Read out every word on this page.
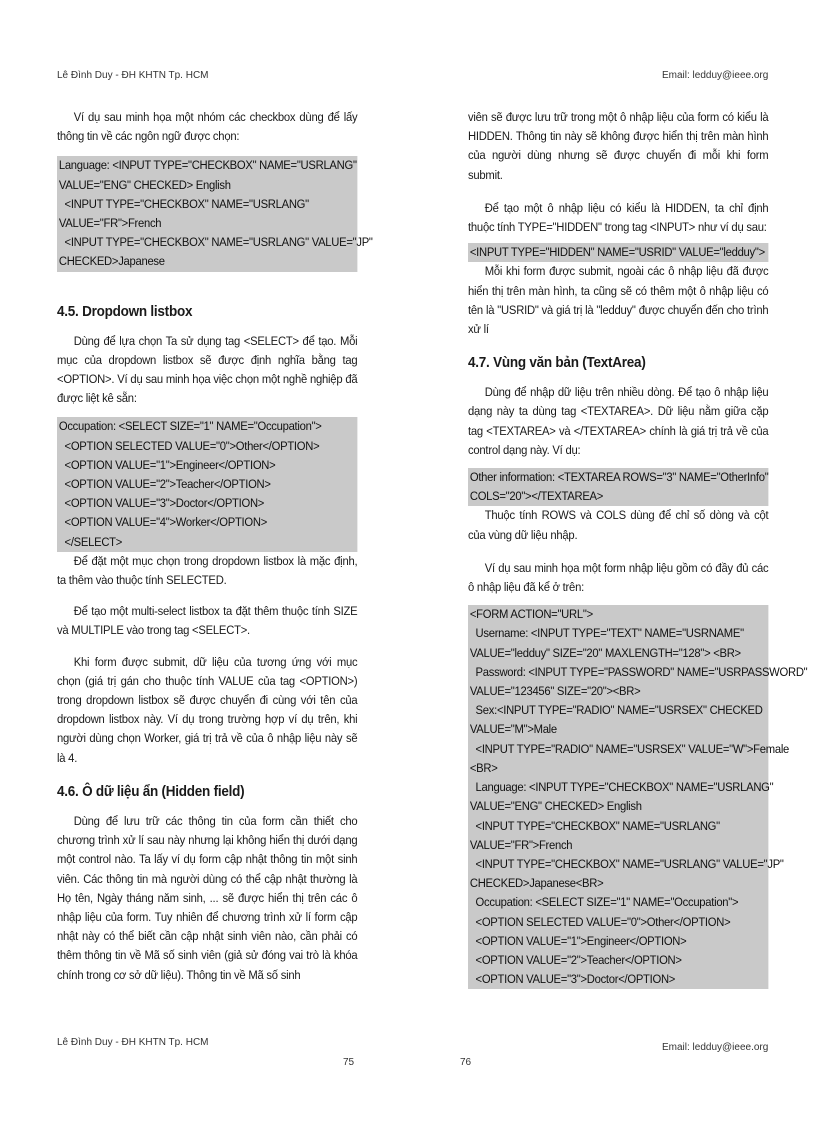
Lê Đình Duy - ĐH KHTN Tp. HCM	Email: ledduy@ieee.org

Ví dụ sau minh họa một nhóm các checkbox dùng để lấy thông tin về các ngôn ngữ được chọn:

Language: <INPUT TYPE="CHECKBOX" NAME="USRLANG"
VALUE="ENG" CHECKED> English
<INPUT TYPE="CHECKBOX" NAME="USRLANG"
VALUE="FR">French
<INPUT TYPE="CHECKBOX" NAME="USRLANG" VALUE="JP"
CHECKED>Japanese
4.5. Dropdown listbox

Dùng để lựa chọn Ta sử dụng tag <SELECT> để tạo. Mỗi mục của dropdown listbox sẽ được định nghĩa bằng tag <OPTION>. Ví dụ sau minh họa việc chọn một nghề nghiệp đã được liệt kê sẵn:

Occupation: <SELECT SIZE="1" NAME="Occupation">
<OPTION SELECTED VALUE="0">Other</OPTION>
<OPTION VALUE="1">Engineer</OPTION>
<OPTION VALUE="2">Teacher</OPTION>
<OPTION VALUE="3">Doctor</OPTION>
<OPTION VALUE="4">Worker</OPTION>
</SELECT>

Để đặt một mục chọn trong dropdown listbox là mặc định, ta thêm vào thuộc tính SELECTED.

Để tạo một multi-select listbox ta đặt thêm thuộc tính SIZE và MULTIPLE vào trong tag <SELECT>.

Khi form được submit, dữ liệu của tương ứng với mục chọn (giá trị gán cho thuộc tính VALUE của tag <OPTION>) trong dropdown listbox sẽ được chuyển đi cùng với tên của dropdown listbox này. Ví dụ trong trường hợp ví dụ trên, khi người dùng chọn Worker, giá trị trả về của ô nhập liệu này sẽ là 4.

4.6. Ô dữ liệu ẩn (Hidden field)

Dùng để lưu trữ các thông tin của form cần thiết cho chương trình xử lí sau này nhưng lại không hiển thị dưới dạng một control nào. Ta lấy ví dụ form cập nhật thông tin một sinh viên. Các thông tin mà người dùng có thể cập nhật thường là Họ tên, Ngày tháng năm sinh, ... sẽ được hiển thị trên các ô nhập liệu của form. Tuy nhiên để chương trình xử lí form cập nhật này có thể biết cần cập nhật sinh viên nào, cần phải có thêm thông tin về Mã số sinh viên (giả sử đóng vai trò là khóa chính trong cơ sở dữ liệu). Thông tin về Mã số sinh

viên sẽ được lưu trữ trong một ô nhập liệu của form có kiểu là HIDDEN. Thông tin này sẽ không được hiển thị trên màn hình của người dùng nhưng sẽ được chuyển đi mỗi khi form submit.

Để tạo một ô nhập liệu có kiểu là HIDDEN, ta chỉ định thuộc tính TYPE="HIDDEN" trong tag <INPUT> như ví dụ sau:

<INPUT TYPE="HIDDEN" NAME="USRID" VALUE="ledduy">

Mỗi khi form được submit, ngoài các ô nhập liệu đã được hiển thị trên màn hình, ta cũng sẽ có thêm một ô nhập liệu có tên là "USRID" và giá trị là "ledduy" được chuyển đến cho trình xử lí

4.7. Vùng văn bản (TextArea)

Dùng để nhập dữ liệu trên nhiều dòng. Để tạo ô nhập liệu dạng này ta dùng tag <TEXTAREA>. Dữ liệu nằm giữa cặp tag <TEXTAREA> và </TEXTAREA> chính là giá trị trả về của control dạng này. Ví dụ:

Other information: <TEXTAREA ROWS="3" NAME="OtherInfo"
COLS="20"></TEXTAREA>

Thuộc tính ROWS và COLS dùng để chỉ số dòng và cột của vùng dữ liệu nhập.

Ví dụ sau minh họa một form nhập liệu gồm có đầy đủ các ô nhập liệu đã kể ở trên:

<FORM ACTION="URL">
Username: <INPUT TYPE="TEXT" NAME="USRNAME"
VALUE="ledduy" SIZE="20" MAXLENGTH="128"> <BR>
Password: <INPUT TYPE="PASSWORD" NAME="USRPASSWORD"
VALUE="123456" SIZE="20"><BR>
Sex:<INPUT TYPE="RADIO" NAME="USRSEX" CHECKED
VALUE="M">Male
<INPUT TYPE="RADIO" NAME="USRSEX" VALUE="W">Female
<BR>
Language: <INPUT TYPE="CHECKBOX" NAME="USRLANG"
VALUE="ENG" CHECKED> English
<INPUT TYPE="CHECKBOX" NAME="USRLANG"
VALUE="FR">French
<INPUT TYPE="CHECKBOX" NAME="USRLANG" VALUE="JP"
CHECKED>Japanese<BR>
Occupation: <SELECT SIZE="1" NAME="Occupation">
<OPTION SELECTED VALUE="0">Other</OPTION>
<OPTION VALUE="1">Engineer</OPTION>
<OPTION VALUE="2">Teacher</OPTION>
<OPTION VALUE="3">Doctor</OPTION>
Lê Đình Duy - ĐH KHTN Tp. HCM
75
Email: ledduy@ieee.org
76
